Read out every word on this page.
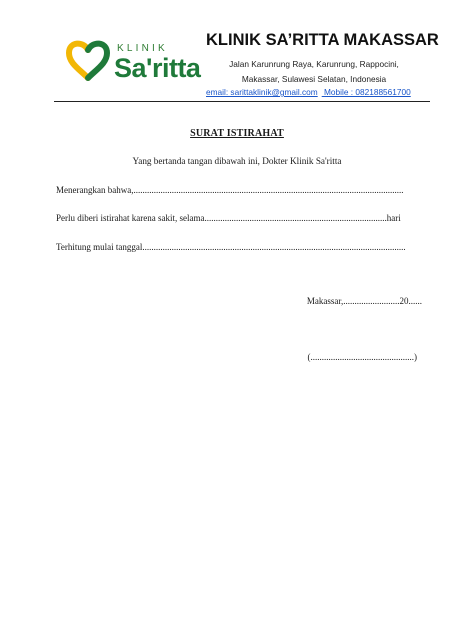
KLINIK
Sa'ritta
KLINIK SA’RITTA MAKASSAR
Jalan Karunrung Raya, Karunrung, Rappocini,
Makassar, Sulawesi Selatan, Indonesia
email: sarittaklinik@gmail.com Mobile : 082188561700
SURAT ISTIRAHAT
Yang bertanda tangan dibawah ini, Dokter Klinik Sa'ritta
Menerangkan bahwa,........................................................................................................................
Perlu diberi istirahat karena sakit, selama.................................................................................hari
Terhitung mulai tanggal.....................................................................................................................
Makassar,.........................20......
(..............................................)
